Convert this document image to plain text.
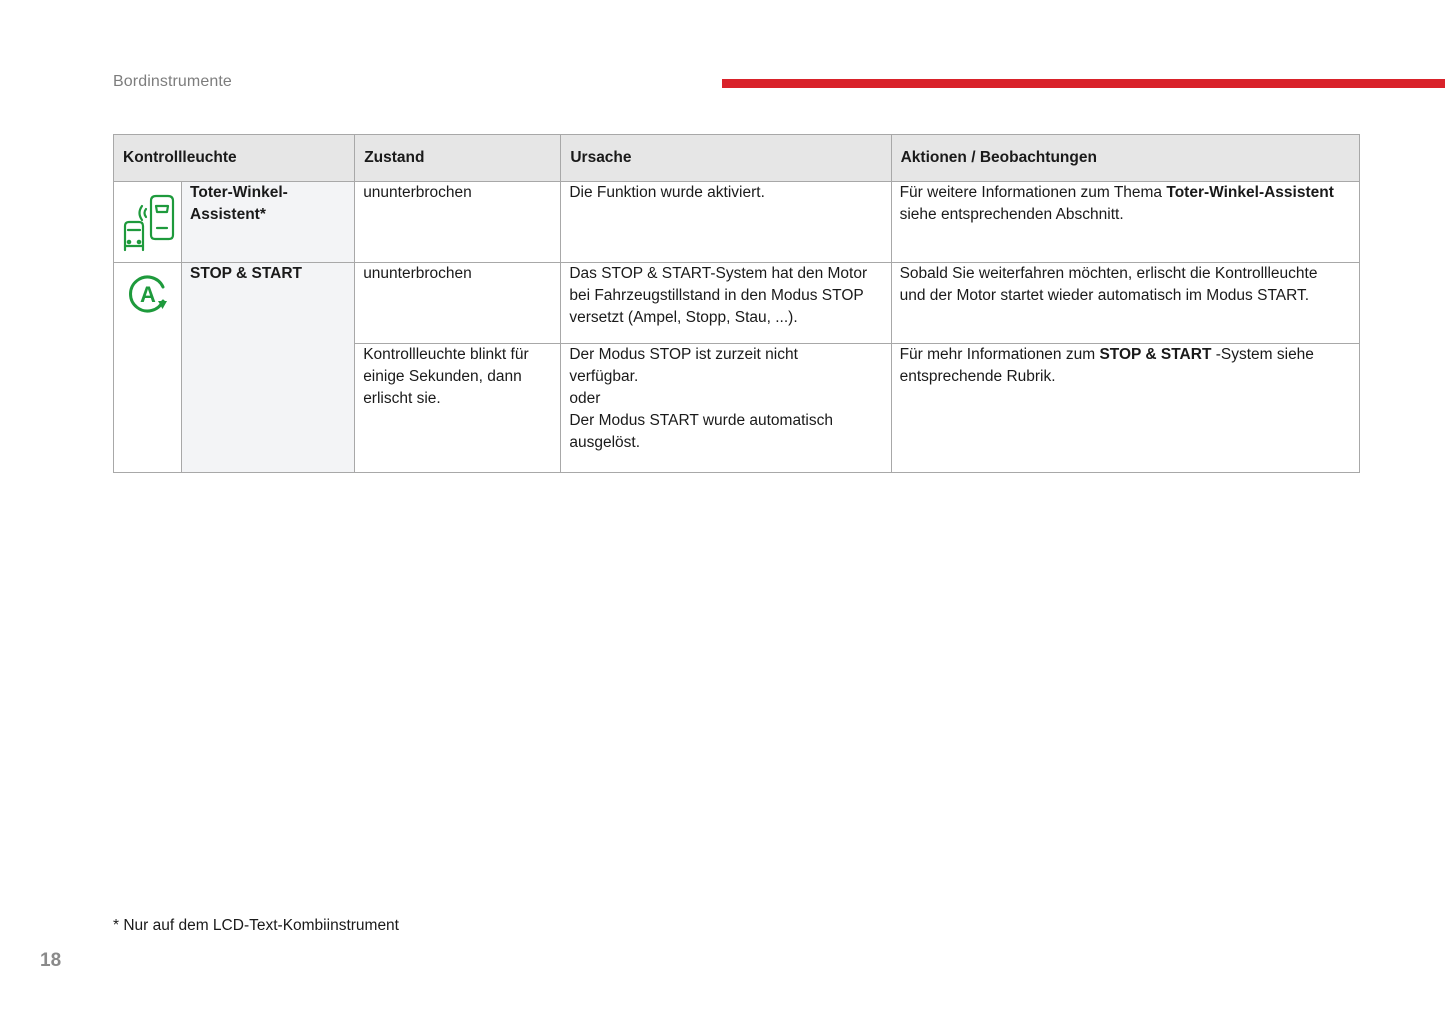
Bordinstrumente
Kontrollleuchte		Zustand	Ursache	Aktionen / Beobachtungen

Toter-Winkel-
Assistent*	ununterbrochen	Die Funktion wurde aktiviert.	Für weitere Informationen zum Thema Toter-Winkel-Assistent siehe entsprechenden Abschnitt.

A	STOP & START	ununterbrochen	Das STOP & START-System hat den Motor
bei Fahrzeugstillstand in den Modus STOP
versetzt (Ampel, Stopp, Stau, ...).	Sobald Sie weiterfahren möchten, erlischt die Kontrollleuchte
und der Motor startet wieder automatisch im Modus START.

		Kontrollleuchte blinkt für
einige Sekunden, dann
erlischt sie.	Der Modus STOP ist zurzeit nicht
verfügbar.
oder
Der Modus START wurde automatisch
ausgelöst.	Für mehr Informationen zum STOP & START -System siehe
entsprechende Rubrik.
* Nur auf dem LCD-Text-Kombiinstrument
18
